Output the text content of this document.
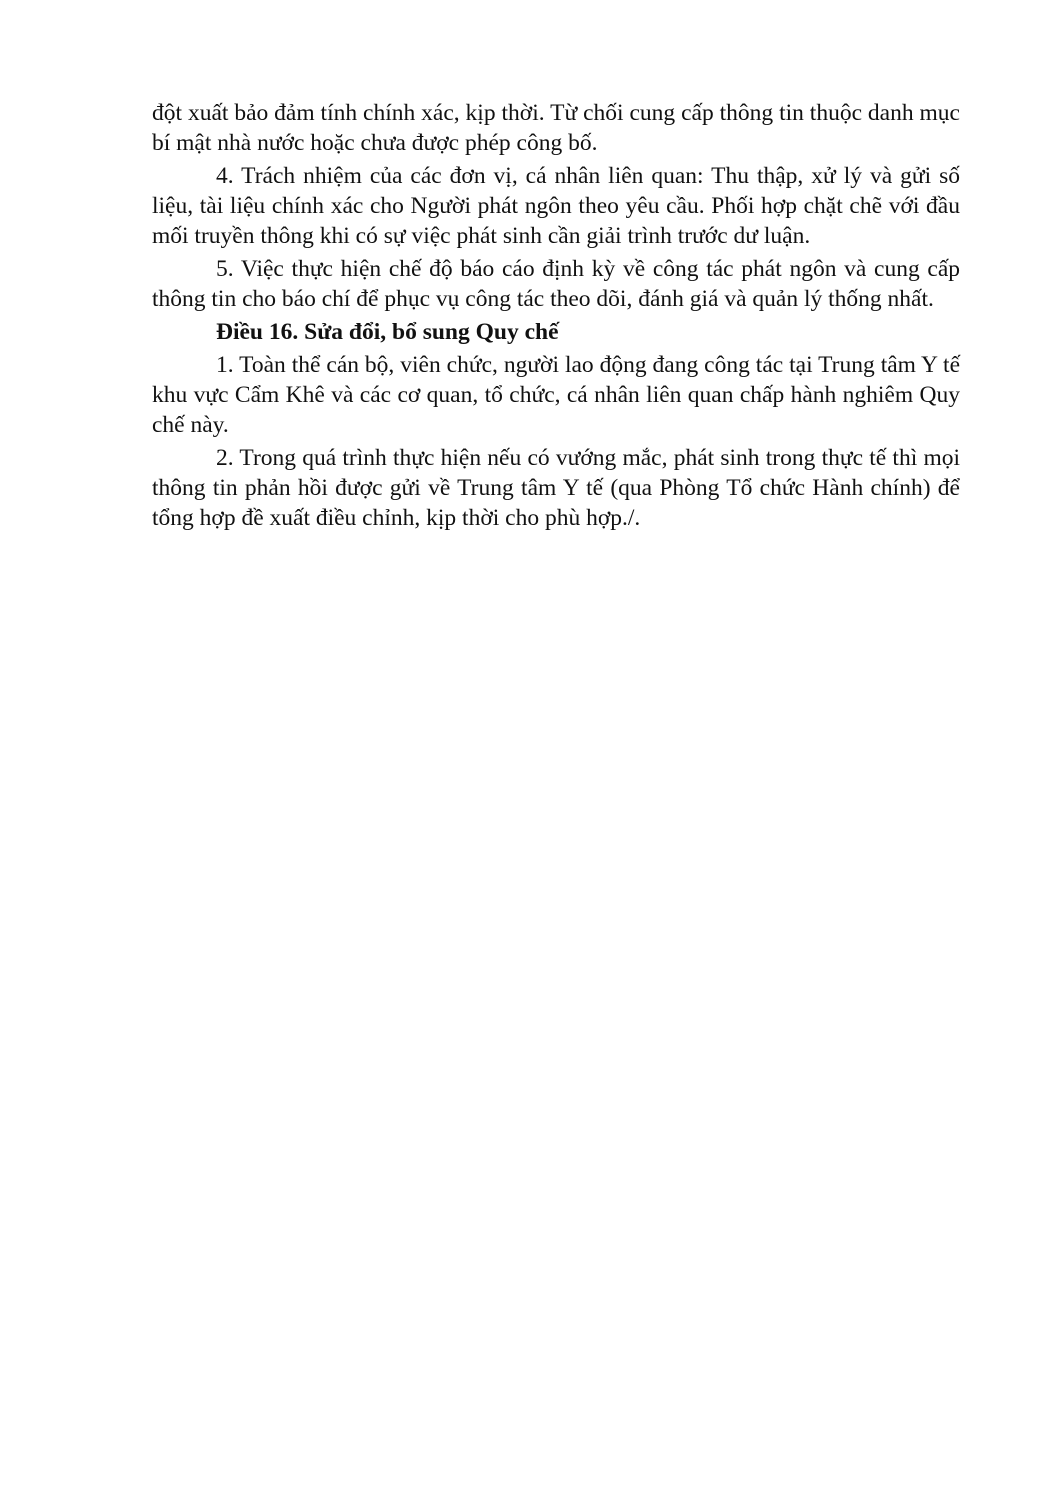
đột xuất bảo đảm tính chính xác, kịp thời. Từ chối cung cấp thông tin thuộc danh mục bí mật nhà nước hoặc chưa được phép công bố.

4. Trách nhiệm của các đơn vị, cá nhân liên quan: Thu thập, xử lý và gửi số liệu, tài liệu chính xác cho Người phát ngôn theo yêu cầu. Phối hợp chặt chẽ với đầu mối truyền thông khi có sự việc phát sinh cần giải trình trước dư luận.

5. Việc thực hiện chế độ báo cáo định kỳ về công tác phát ngôn và cung cấp thông tin cho báo chí để phục vụ công tác theo dõi, đánh giá và quản lý thống nhất.

Điều 16. Sửa đổi, bổ sung Quy chế

1. Toàn thể cán bộ, viên chức, người lao động đang công tác tại Trung tâm Y tế khu vực Cẩm Khê và các cơ quan, tổ chức, cá nhân liên quan chấp hành nghiêm Quy chế này.

2. Trong quá trình thực hiện nếu có vướng mắc, phát sinh trong thực tế thì mọi thông tin phản hồi được gửi về Trung tâm Y tế (qua Phòng Tổ chức Hành chính) để tổng hợp đề xuất điều chỉnh, kịp thời cho phù hợp./.
